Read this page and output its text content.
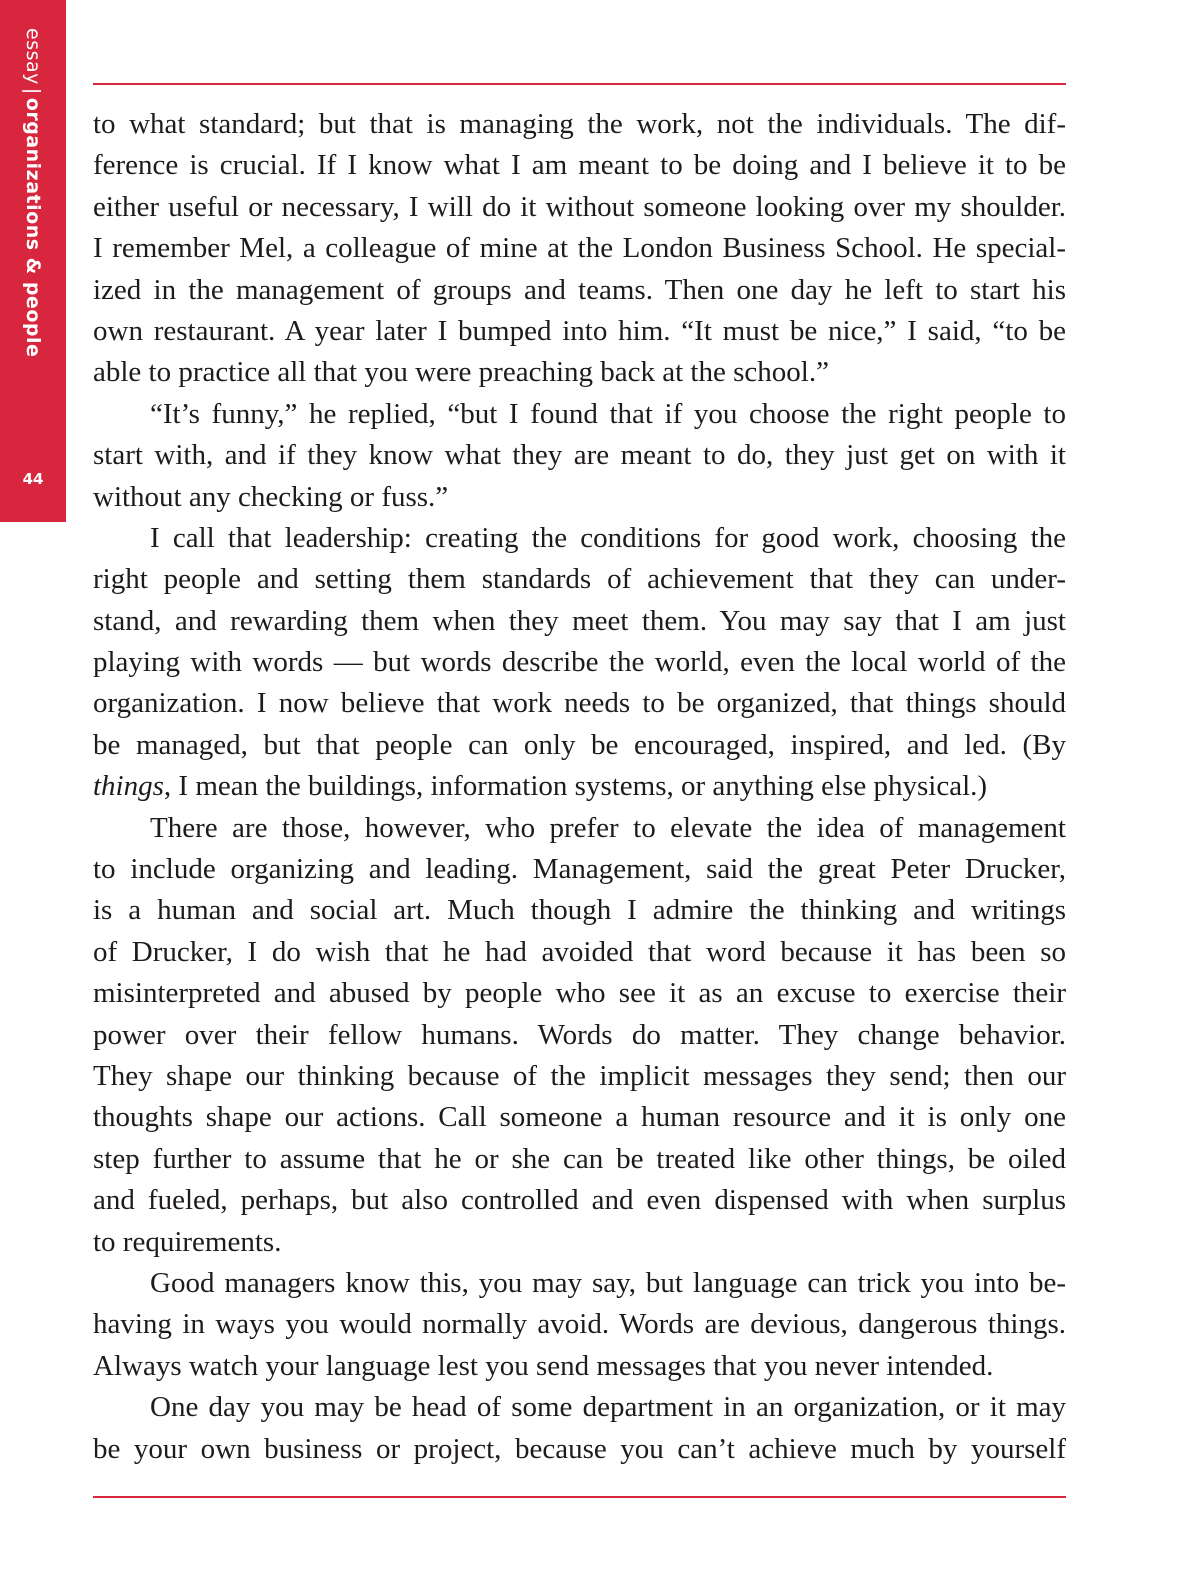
essay|organizations & people
44

to what standard; but that is managing the work, not the individuals. The dif-
ference is crucial. If I know what I am meant to be doing and I believe it to be
either useful or necessary, I will do it without someone looking over my shoulder.
I remember Mel, a colleague of mine at the London Business School. He special-
ized in the management of groups and teams. Then one day he left to start his
own restaurant. A year later I bumped into him. “It must be nice,” I said, “to be
able to practice all that you were preaching back at the school.”

“It’s funny,” he replied, “but I found that if you choose the right people to
start with, and if they know what they are meant to do, they just get on with it
without any checking or fuss.”

I call that leadership: creating the conditions for good work, choosing the
right people and setting them standards of achievement that they can under-
stand, and rewarding them when they meet them. You may say that I am just
playing with words — but words describe the world, even the local world of the
organization. I now believe that work needs to be organized, that things should
be managed, but that people can only be encouraged, inspired, and led. (By
things, I mean the buildings, information systems, or anything else physical.)

There are those, however, who prefer to elevate the idea of management
to include organizing and leading. Management, said the great Peter Drucker,
is a human and social art. Much though I admire the thinking and writings
of Drucker, I do wish that he had avoided that word because it has been so
misinterpreted and abused by people who see it as an excuse to exercise their
power over their fellow humans. Words do matter. They change behavior.
They shape our thinking because of the implicit messages they send; then our
thoughts shape our actions. Call someone a human resource and it is only one
step further to assume that he or she can be treated like other things, be oiled
and fueled, perhaps, but also controlled and even dispensed with when surplus
to requirements.

Good managers know this, you may say, but language can trick you into be-
having in ways you would normally avoid. Words are devious, dangerous things.
Always watch your language lest you send messages that you never intended.

One day you may be head of some department in an organization, or it may
be your own business or project, because you can’t achieve much by yourself
